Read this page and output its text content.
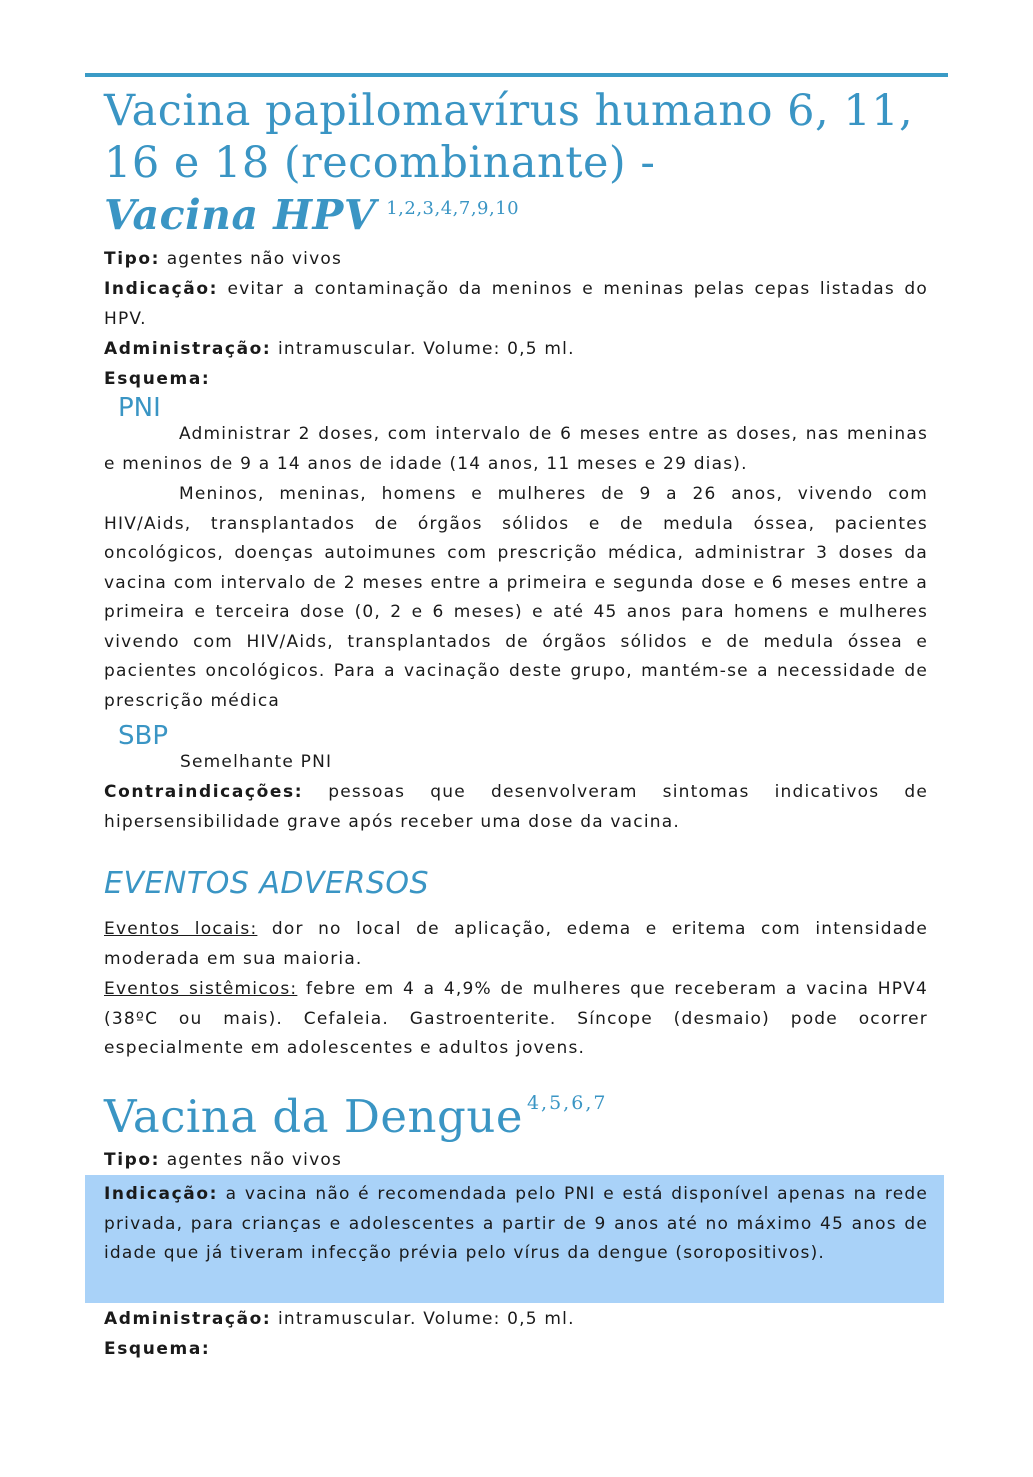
Vacina papilomavírus humano 6, 11,
16 e 18 (recombinante) -
Vacina HPV $^{1,2,3,4,7,9,10}$
Tipo: agentes não vivos
Indicação: evitar a contaminação da meninos e meninas pelas cepas listadas do HPV.
Administração: intramuscular. Volume: 0,5 ml.
Esquema:
PNI
Administrar 2 doses, com intervalo de 6 meses entre as doses, nas meninas e meninos de 9 a 14 anos de idade (14 anos, 11 meses e 29 dias).
Meninos, meninas, homens e mulheres de 9 a 26 anos, vivendo com HIV/Aids, transplantados de órgãos sólidos e de medula óssea, pacientes oncológicos, doenças autoimunes com prescrição médica, administrar 3 doses da vacina com intervalo de 2 meses entre a primeira e segunda dose e 6 meses entre a primeira e terceira dose (0, 2 e 6 meses) e até 45 anos para homens e mulheres vivendo com HIV/Aids, transplantados de órgãos sólidos e de medula óssea e pacientes oncológicos. Para a vacinação deste grupo, mantém-se a necessidade de prescrição médica
SBP
Semelhante PNI
Contraindicações: pessoas que desenvolveram sintomas indicativos de hipersensibilidade grave após receber uma dose da vacina.
EVENTOS ADVERSOS
Eventos locais: dor no local de aplicação, edema e eritema com intensidade moderada em sua maioria.
Eventos sistêmicos: febre em 4 a 4,9% de mulheres que receberam a vacina HPV4 (38ºC ou mais). Cefaleia. Gastroenterite. Síncope (desmaio) pode ocorrer especialmente em adolescentes e adultos jovens.
Vacina da Dengue $^{4,5,6,7}$
Tipo: agentes não vivos
Indicação: a vacina não é recomendada pelo PNI e está disponível apenas na rede privada, para crianças e adolescentes a partir de 9 anos até no máximo 45 anos de idade que já tiveram infecção prévia pelo vírus da dengue (soropositivos).
Administração: intramuscular. Volume: 0,5 ml.
Esquema:
